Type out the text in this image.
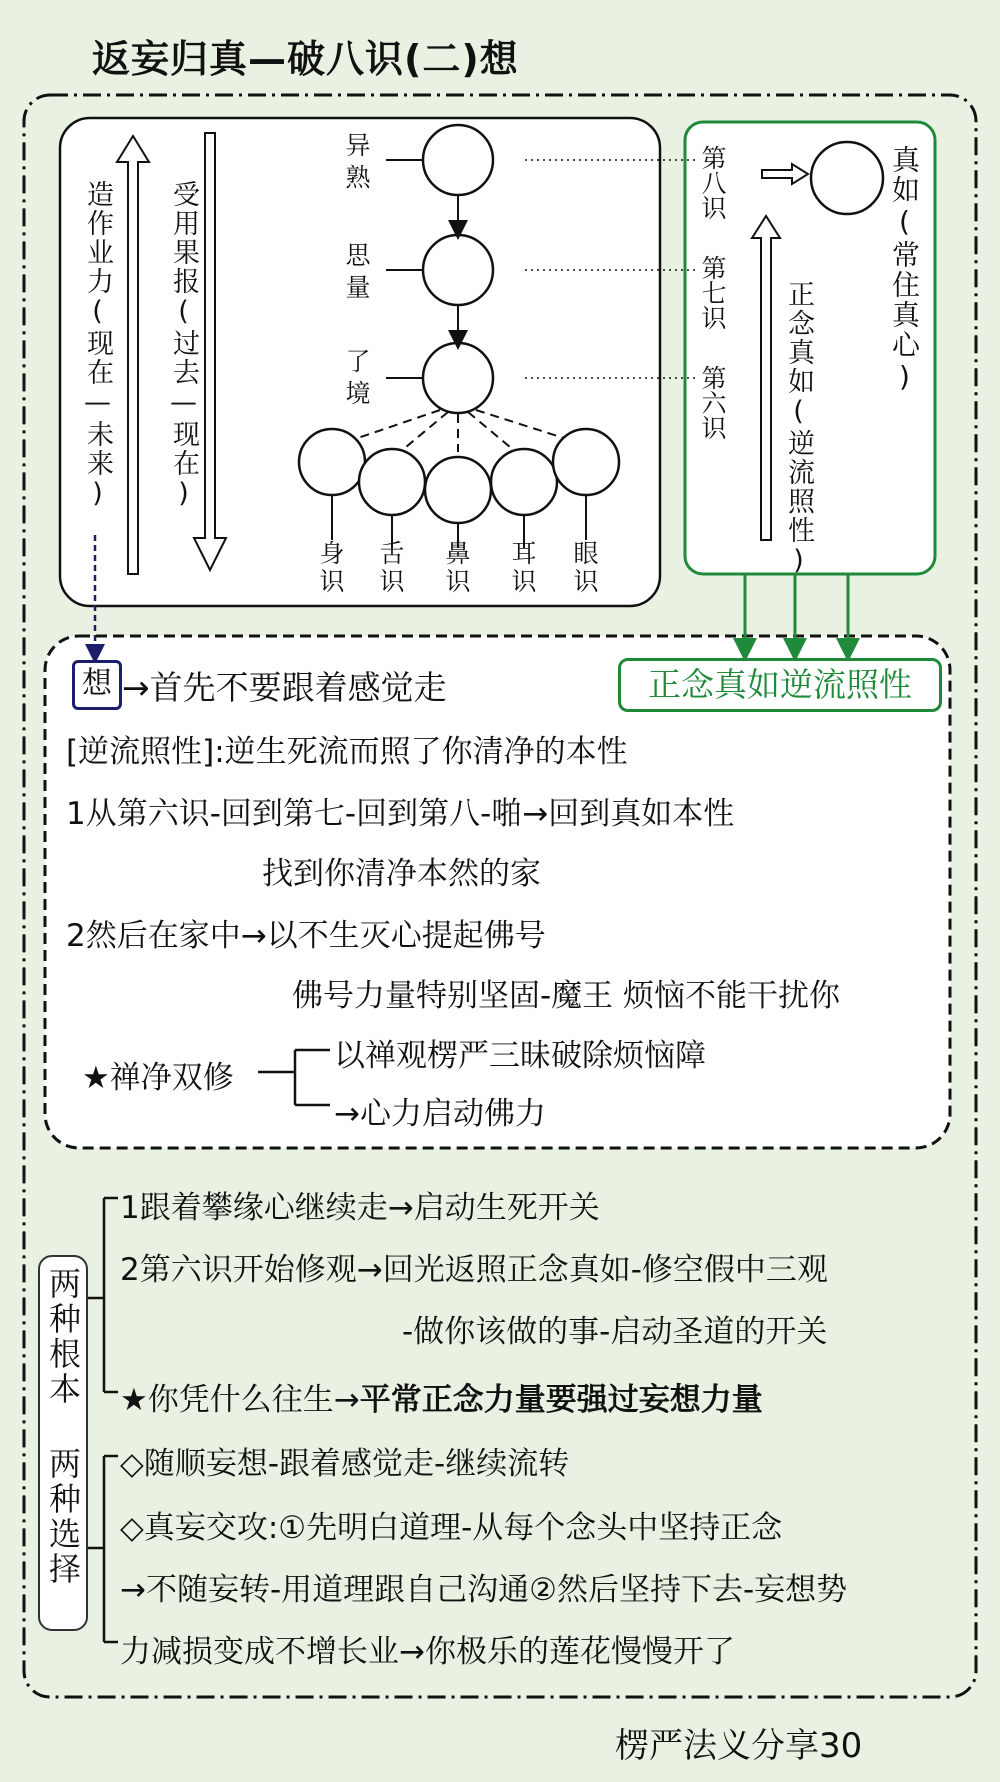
返妄归真—破八识(二)想
造作业力(现在—未来) 受用果报(过去—现在)
异熟
思量
了境
身识
舌识
鼻识
耳识
眼识
第八识
第七识
第六识
真如(常住真心)
正念真如(逆流照性)
想 →首先不要跟着感觉走	正念真如逆流照性
[逆流照性]:逆生死流而照了你清净的本性
1从第六识-回到第七-回到第八-啪→回到真如本性
找到你清净本然的家
2然后在家中→以不生灭心提起佛号
佛号力量特别坚固-魔王 烦恼不能干扰你
★禅净双修
以禅观楞严三昧破除烦恼障
→心力启动佛力
两种根本
两种选择
1跟着攀缘心继续走→启动生死开关
2第六识开始修观→回光返照正念真如-修空假中三观
-做你该做的事-启动圣道的开关
★你凭什么往生→平常正念力量要强过妄想力量
◇随顺妄想-跟着感觉走-继续流转
◇真妄交攻:①先明白道理-从每个念头中坚持正念
→不随妄转-用道理跟自己沟通②然后坚持下去-妄想势
力减损变成不增长业→你极乐的莲花慢慢开了
楞严法义分享30
